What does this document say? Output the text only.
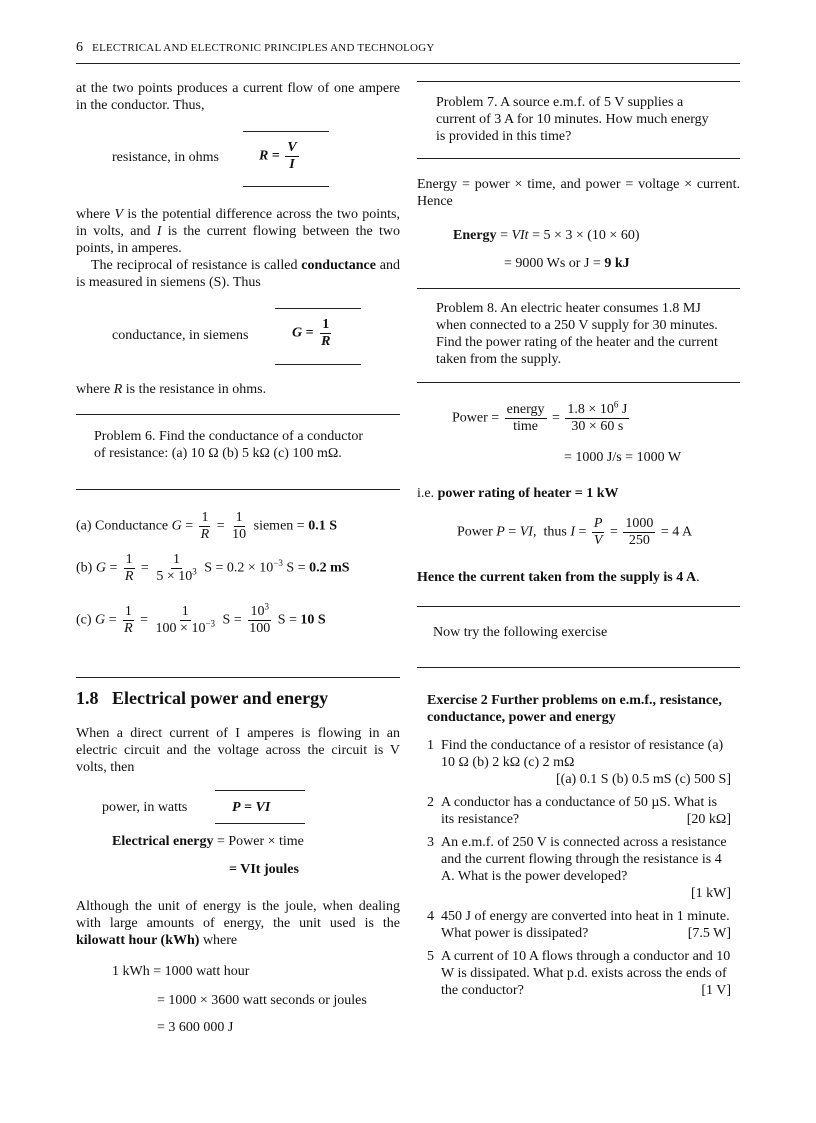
6 ELECTRICAL AND ELECTRONIC PRINCIPLES AND TECHNOLOGY
at the two points produces a current flow of one ampere in the conductor. Thus,
resistance, in ohms	$R = \frac{V}{I}$
where V is the potential difference across the two points, in volts, and I is the current flowing between the two points, in amperes.
The reciprocal of resistance is called conductance and is measured in siemens (S). Thus
conductance, in siemens	$G = \frac{1}{R}$
where R is the resistance in ohms.
Problem 6. Find the conductance of a conductor of resistance: (a) 10 Ω (b) 5 kΩ (c) 100 mΩ.
(a) Conductance $G = \frac{1}{R} = \frac{1}{10}$ siemen = 0.1 S
(b) $G = \frac{1}{R} = \frac{1}{5 \times 10^3}$ $S = 0.2 \times 10^{-3}$ S = 0.2 mS
(c) $G = \frac{1}{R} = \frac{1}{100 \times 10^{-3}}$ $S = \frac{10^3}{100}$ S = 10 S
1.8 Electrical power and energy
When a direct current of I amperes is flowing in an electric circuit and the voltage across the circuit is V volts, then
power, in watts	P = VI
Electrical energy = Power × time
= VIt joules
Although the unit of energy is the joule, when dealing with large amounts of energy, the unit used is the kilowatt hour (kWh) where
1 kWh = 1000 watt hour
= 1000 × 3600 watt seconds or joules
= 3 600 000 J
Problem 7. A source e.m.f. of 5 V supplies a current of 3 A for 10 minutes. How much energy is provided in this time?
Energy = power × time, and power = voltage × current. Hence
Energy = VIt = 5 × 3 × (10 × 60)
= 9000 Ws or J = 9 kJ
Problem 8. An electric heater consumes 1.8 MJ when connected to a 250 V supply for 30 minutes. Find the power rating of the heater and the current taken from the supply.
Power = $\frac{\text{energy}}{\text{time}} = \frac{1.8 \times 10^6 J}{30 \times 60 s}$
= 1000 J/s = 1000 W
i.e. power rating of heater = 1 kW
Power P = VI,  thus $I = \frac{P}{V} = \frac{1000}{250} = 4$ A
Hence the current taken from the supply is 4 A.
Now try the following exercise
Exercise 2 Further problems on e.m.f., resistance, conductance, power and energy
1 Find the conductance of a resistor of resistance (a) 10 Ω (b) 2 kΩ (c) 2 mΩ
[(a) 0.1 S (b) 0.5 mS (c) 500 S]
2 A conductor has a conductance of 50 µS. What is its resistance?	[20 kΩ]
3 An e.m.f. of 250 V is connected across a resistance and the current flowing through the resistance is 4 A. What is the power developed?
[1 kW]
4 450 J of energy are converted into heat in 1 minute. What power is dissipated?	[7.5 W]
5 A current of 10 A flows through a conductor and 10 W is dissipated. What p.d. exists across the ends of the conductor?	[1 V]
